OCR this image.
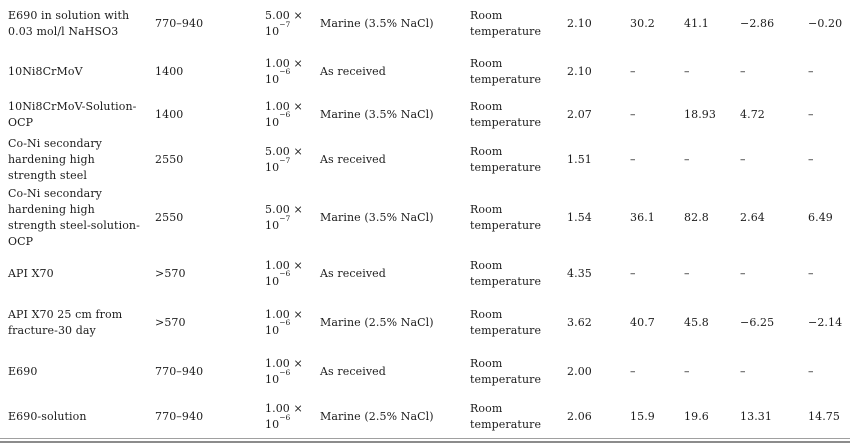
E690 in solution with 0.03 mol/l NaHSO3	770–940	5.00 ×
$10^{-7}$	Marine (3.5% NaCl)	Room temperature	2.10	30.2	41.1	−2.86	−0.20
10Ni8CrMoV	1400	1.00 ×
$10^{-6}$	As received	Room temperature	2.10	–	–	–	–
10Ni8CrMoV-Solution-OCP	1400	1.00 ×
$10^{-6}$	Marine (3.5% NaCl)	Room temperature	2.07	–	18.93	4.72	–
Co-Ni secondary hardening high strength steel	2550	5.00 ×
$10^{-7}$	As received	Room temperature	1.51	–	–	–	–
Co-Ni secondary hardening high strength steel-solution-OCP	2550	5.00 ×
$10^{-7}$	Marine (3.5% NaCl)	Room temperature	1.54	36.1	82.8	2.64	6.49
API X70	>570	1.00 ×
$10^{-6}$	As received	Room temperature	4.35	–	–	–	–
API X70 25 cm from fracture-30 day	>570	1.00 ×
$10^{-6}$	Marine (2.5% NaCl)	Room temperature	3.62	40.7	45.8	−6.25	−2.14
E690	770–940	1.00 ×
$10^{-6}$	As received	Room temperature	2.00	–	–	–	–
E690-solution	770–940	1.00 ×
$10^{-6}$	Marine (2.5% NaCl)	Room temperature	2.06	15.9	19.6	13.31	14.75
